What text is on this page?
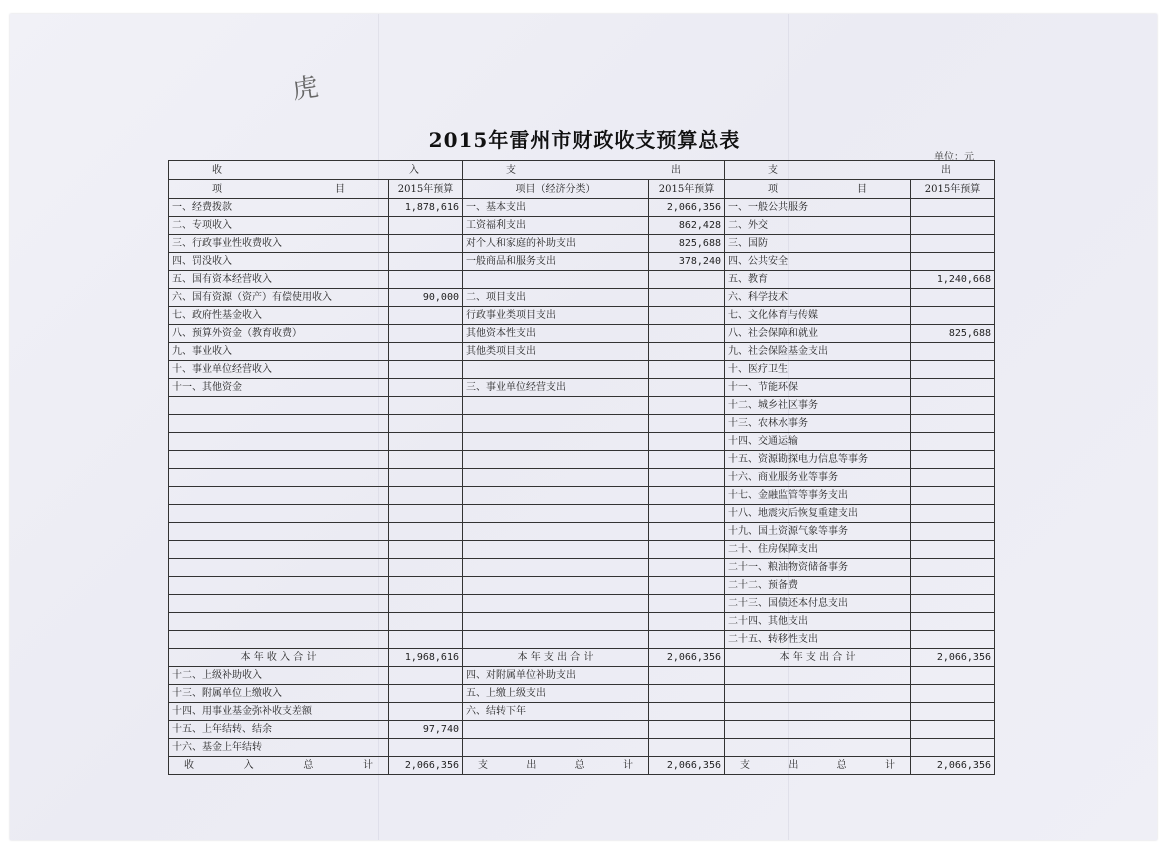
虎
2015年雷州市财政收支预算总表
单位：元
收 入		支 出		支 出	

项 目	2015年预算	项目（经济分类）	2015年预算	项 目	2015年预算
一、经费拨款	1,878,616	一、基本支出	2,066,356	一、一般公共服务	
二、专项收入		工资福利支出	862,428	二、外交	
三、行政事业性收费收入		对个人和家庭的补助支出	825,688	三、国防	
四、罚没收入		一般商品和服务支出	378,240	四、公共安全	
五、国有资本经营收入				五、教育	1,240,668
六、国有资源（资产）有偿使用收入	90,000	二、项目支出		六、科学技术	
七、政府性基金收入		行政事业类项目支出		七、文化体育与传媒	
八、预算外资金（教育收费）		其他资本性支出		八、社会保障和就业	825,688
九、事业收入		其他类项目支出		九、社会保险基金支出	
十、事业单位经营收入				十、医疗卫生	
十一、其他资金		三、事业单位经营支出		十一、节能环保	
				十二、城乡社区事务	
				十三、农林水事务	
				十四、交通运输	
				十五、资源勘探电力信息等事务	
				十六、商业服务业等事务	
				十七、金融监管等事务支出	
				十八、地震灾后恢复重建支出	
				十九、国土资源气象等事务	
				二十、住房保障支出	
				二十一、粮油物资储备事务	
				二十二、预备费	
				二十三、国债还本付息支出	
				二十四、其他支出	
				二十五、转移性支出	
本 年 收 入 合 计	1,968,616	本 年 支 出 合 计	2,066,356	本 年 支 出 合 计	2,066,356
十二、上级补助收入		四、对附属单位补助支出			
十三、附属单位上缴收入		五、上缴上级支出			
十四、用事业基金弥补收支差额		六、结转下年			
十五、上年结转、结余	97,740				
十六、基金上年结转					

收 入 总 计	2,066,356	支 出 总 计	2,066,356	支 出 总 计	2,066,356
